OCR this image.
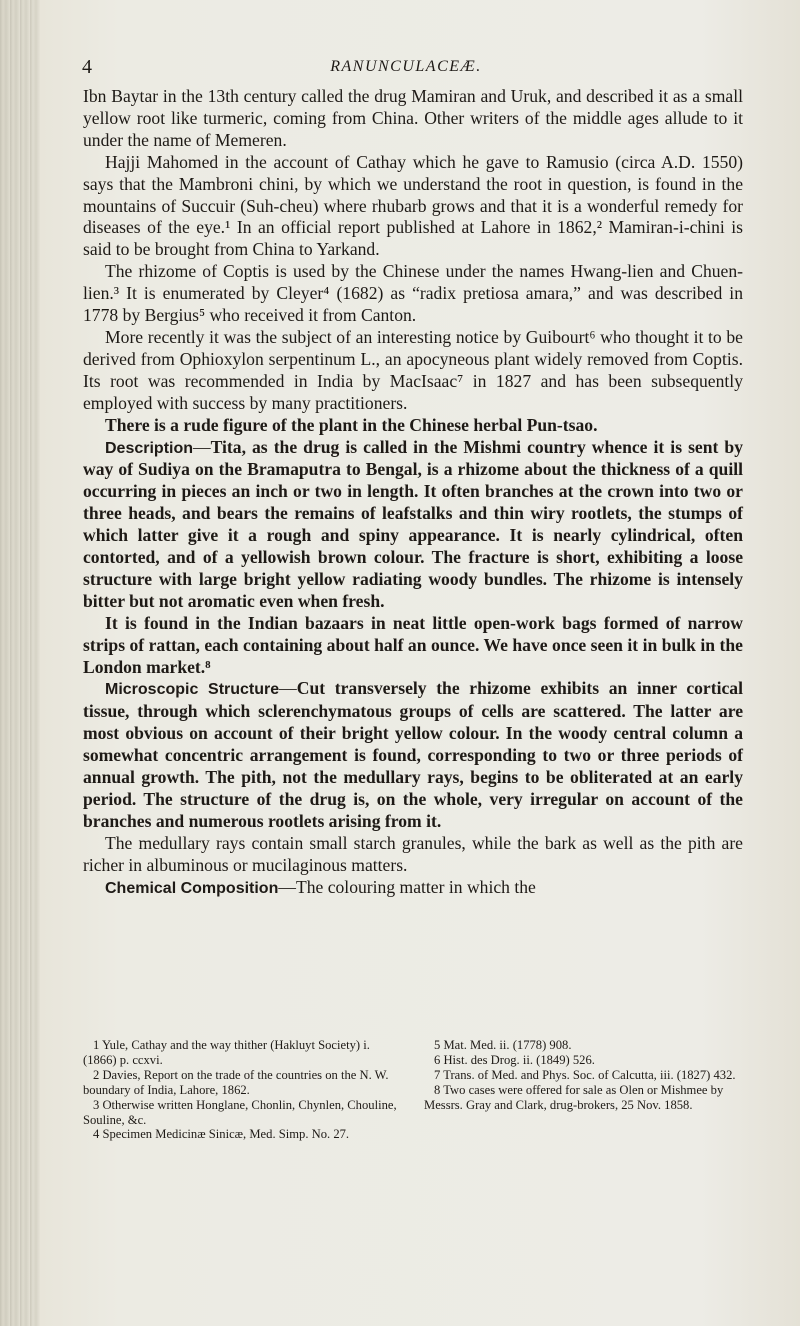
4	RANUNCULACEÆ.

Ibn Baytar in the 13th century called the drug Mamiran and Uruk, and described it as a small yellow root like turmeric, coming from China. Other writers of the middle ages allude to it under the name of Memeren.

Hajji Mahomed in the account of Cathay which he gave to Ramusio (circa A.D. 1550) says that the Mambroni chini, by which we understand the root in question, is found in the mountains of Succuir (Suh-cheu) where rhubarb grows and that it is a wonderful remedy for diseases of the eye.¹ In an official report published at Lahore in 1862,² Mamiran-i-chini is said to be brought from China to Yarkand.

The rhizome of Coptis is used by the Chinese under the names Hwang-lien and Chuen-lien.³ It is enumerated by Cleyer⁴ (1682) as “radix pretiosa amara,” and was described in 1778 by Bergius⁵ who received it from Canton.

More recently it was the subject of an interesting notice by Guibourt⁶ who thought it to be derived from Ophioxylon serpentinum L., an apocyneous plant widely removed from Coptis. Its root was recommended in India by MacIsaac⁷ in 1827 and has been subsequently employed with success by many practitioners.

There is a rude figure of the plant in the Chinese herbal Pun-tsao.

Description—Tita, as the drug is called in the Mishmi country whence it is sent by way of Sudiya on the Bramaputra to Bengal, is a rhizome about the thickness of a quill occurring in pieces an inch or two in length. It often branches at the crown into two or three heads, and bears the remains of leafstalks and thin wiry rootlets, the stumps of which latter give it a rough and spiny appearance. It is nearly cylindrical, often contorted, and of a yellowish brown colour. The fracture is short, exhibiting a loose structure with large bright yellow radiating woody bundles. The rhizome is intensely bitter but not aromatic even when fresh.

It is found in the Indian bazaars in neat little open-work bags formed of narrow strips of rattan, each containing about half an ounce. We have once seen it in bulk in the London market.⁸

Microscopic Structure—Cut transversely the rhizome exhibits an inner cortical tissue, through which sclerenchymatous groups of cells are scattered. The latter are most obvious on account of their bright yellow colour. In the woody central column a somewhat concentric arrangement is found, corresponding to two or three periods of annual growth. The pith, not the medullary rays, begins to be obliterated at an early period. The structure of the drug is, on the whole, very irregular on account of the branches and numerous rootlets arising from it.

The medullary rays contain small starch granules, while the bark as well as the pith are richer in albuminous or mucilaginous matters.

Chemical Composition—The colouring matter in which the

1 Yule, Cathay and the way thither (Hakluyt Society) i. (1866) p. ccxvi.

2 Davies, Report on the trade of the countries on the N. W. boundary of India, Lahore, 1862.

3 Otherwise written Honglane, Chonlin, Chynlen, Chouline, Souline, &c.

4 Specimen Medicinæ Sinicæ, Med. Simp. No. 27.

5 Mat. Med. ii. (1778) 908.

6 Hist. des Drog. ii. (1849) 526.

7 Trans. of Med. and Phys. Soc. of Calcutta, iii. (1827) 432.

8 Two cases were offered for sale as Olen or Mishmee by Messrs. Gray and Clark, drug-brokers, 25 Nov. 1858.
